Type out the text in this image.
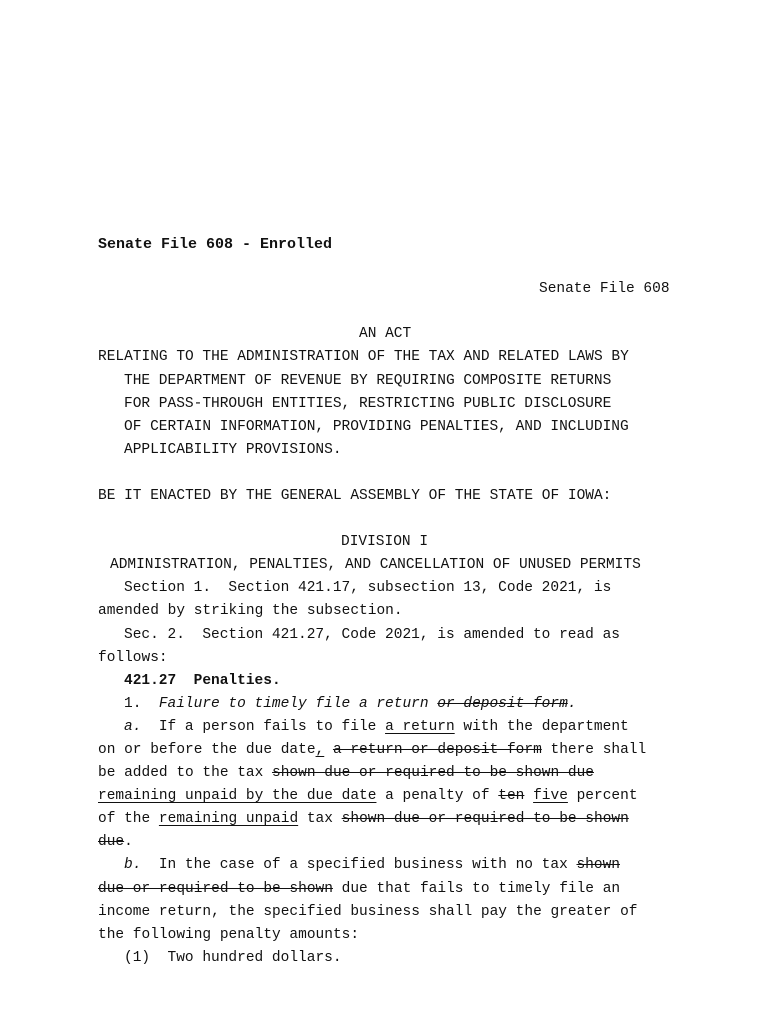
Senate File 608 - Enrolled
Senate File 608
AN ACT
RELATING TO THE ADMINISTRATION OF THE TAX AND RELATED LAWS BY
THE DEPARTMENT OF REVENUE BY REQUIRING COMPOSITE RETURNS
FOR PASS-THROUGH ENTITIES, RESTRICTING PUBLIC DISCLOSURE
OF CERTAIN INFORMATION, PROVIDING PENALTIES, AND INCLUDING
APPLICABILITY PROVISIONS.
BE IT ENACTED BY THE GENERAL ASSEMBLY OF THE STATE OF IOWA:
DIVISION I
ADMINISTRATION, PENALTIES, AND CANCELLATION OF UNUSED PERMITS
Section 1.  Section 421.17, subsection 13, Code 2021, is
amended by striking the subsection.
Sec. 2.  Section 421.27, Code 2021, is amended to read as
follows:
421.27 Penalties.
1. Failure to timely file a return or deposit form.
a. If a person fails to file a return with the department
on or before the due date, a return or deposit form there shall
be added to the tax shown due or required to be shown due
remaining unpaid by the due date a penalty of ten five percent
of the remaining unpaid tax shown due or required to be shown
due.
b. In the case of a specified business with no tax shown
due or required to be shown due that fails to timely file an
income return, the specified business shall pay the greater of
the following penalty amounts:
(1) Two hundred dollars.
